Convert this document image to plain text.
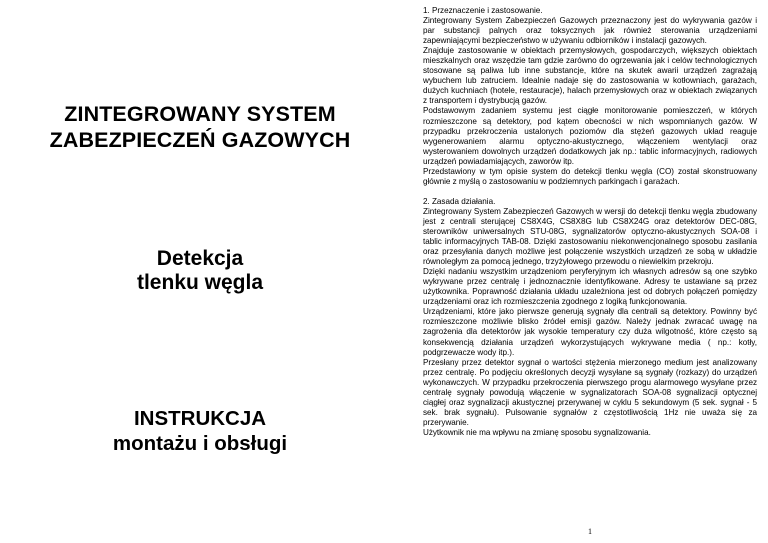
ZINTEGROWANY SYSTEM
ZABEZPIECZEŃ GAZOWYCH
Detekcja
tlenku węgla
INSTRUKCJA
montażu i obsługi

1. Przeznaczenie i zastosowanie.

Zintegrowany System Zabezpieczeń Gazowych przeznaczony jest do wykrywania gazów i par substancji palnych oraz toksycznych jak również sterowania urządzeniami zapewniającymi bezpieczeństwo w używaniu odbiorników i instalacji gazowych.

Znajduje zastosowanie w obiektach przemysłowych, gospodarczych, większych obiektach mieszkalnych oraz wszędzie tam gdzie zarówno do ogrzewania jak i celów technologicznych stosowane są paliwa lub inne substancje, które na skutek awarii urządzeń zagrażają wybuchem lub zatruciem. Idealnie nadaje się do zastosowania w kotłowniach, garażach, dużych kuchniach (hotele, restauracje), halach przemysłowych oraz w obiektach związanych z transportem i dystrybucją gazów.

Podstawowym zadaniem systemu jest ciągłe monitorowanie pomieszczeń, w których rozmieszczone są detektory, pod kątem obecności w nich wspomnianych gazów. W przypadku przekroczenia ustalonych poziomów dla stężeń gazowych układ reaguje wygenerowaniem alarmu optyczno-akustycznego, włączeniem wentylacji oraz wysterowaniem dowolnych urządzeń dodatkowych jak np.: tablic informacyjnych, radiowych urządzeń powiadamiających, zaworów itp.

Przedstawiony w tym opisie system do detekcji tlenku węgla (CO) został skonstruowany głównie z myślą o zastosowaniu w podziemnych parkingach i garażach.

2. Zasada działania.

Zintegrowany System Zabezpieczeń Gazowych w wersji do detekcji tlenku węgla zbudowany jest z centrali sterującej CS8X4G, CS8X8G lub CS8X24G oraz detektorów DEC-08G, sterowników uniwersalnych STU-08G, sygnalizatorów optyczno-akustycznych SOA-08 i tablic informacyjnych TAB-08. Dzięki zastosowaniu niekonwencjonalnego sposobu zasilania oraz przesyłania danych możliwe jest połączenie wszystkich urządzeń ze sobą w układzie równoległym za pomocą jednego, trzyżyłowego przewodu o niewielkim przekroju.

Dzięki nadaniu wszystkim urządzeniom peryferyjnym ich własnych adresów są one szybko wykrywane przez centralę i jednoznacznie identyfikowane. Adresy te ustawiane są przez użytkownika. Poprawność działania układu uzależniona jest od dobrych połączeń pomiędzy urządzeniami oraz ich rozmieszczenia zgodnego z logiką funkcjonowania.

Urządzeniami, które jako pierwsze generują sygnały dla centrali są detektory. Powinny być rozmieszczone możliwie blisko źródeł emisji gazów. Należy jednak zwracać uwagę na zagrożenia dla detektorów jak wysokie temperatury czy duża wilgotność, które często są konsekwencją działania urządzeń wykorzystujących wykrywane media ( np.: kotły, podgrzewacze wody itp.).

Przesłany przez detektor sygnał o wartości stężenia mierzonego medium jest analizowany przez centralę. Po podjęciu określonych decyzji wysyłane są sygnały (rozkazy) do urządzeń wykonawczych. W przypadku przekroczenia pierwszego progu alarmowego wysyłane przez centralę sygnały powodują włączenie w sygnalizatorach SOA-08 sygnalizacji optycznej ciągłej oraz sygnalizacji akustycznej przerywanej w cyklu 5 sekundowym (5 sek. sygnał - 5 sek. brak sygnału). Pulsowanie sygnałów z częstotliwością 1Hz nie uważa się za przerywanie.

Użytkownik nie ma wpływu na zmianę sposobu sygnalizowania.

1
